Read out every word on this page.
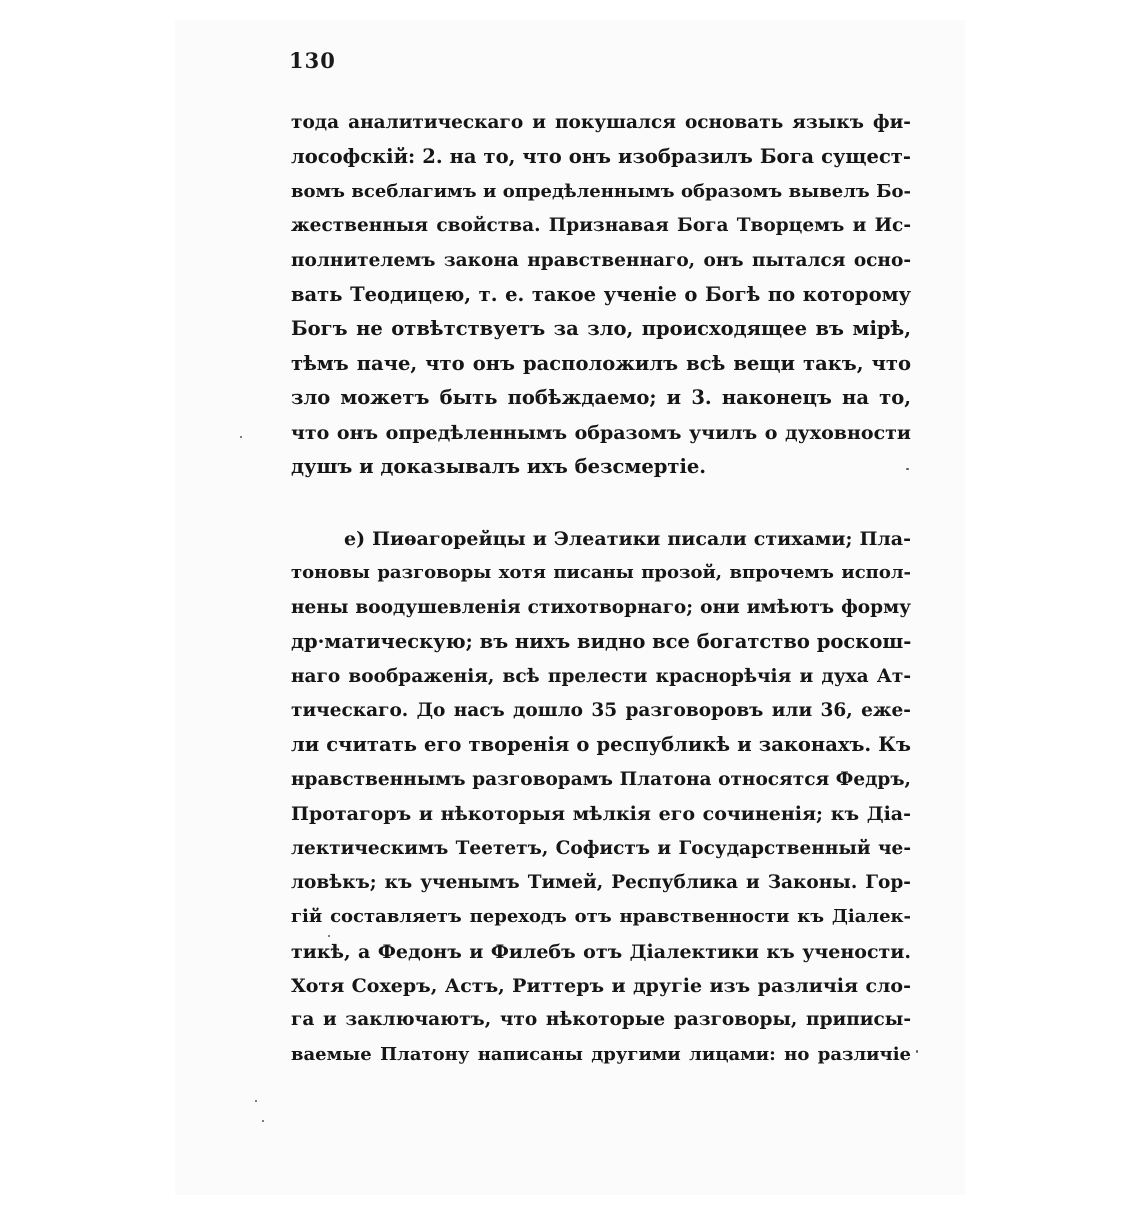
130
тода аналитическаго и покушался основать языкъ фи-
лософскій: 2. на то, что онъ изобразилъ Бога сущест-
вомъ всеблагимъ и опредѣленнымъ образомъ вывелъ Бо-
жественныя свойства. Признавая Бога Творцемъ и Ис-
полнителемъ закона нравственнаго, онъ пытался осно-
вать Теодицею, т. е. такое ученіе о Богѣ по которому
Богъ не отвѣтствуетъ за зло, происходящее въ мірѣ,
тѣмъ паче, что онъ расположилъ всѣ вещи такъ, что
зло можетъ быть побѣждаемо; и 3. наконецъ на то,
что онъ опредѣленнымъ образомъ училъ о духовности
душъ и доказывалъ ихъ безсмертіе.
е) Пиѳагорейцы и Элеатики писали стихами; Пла-
тоновы разговоры хотя писаны прозой, впрочемъ испол-
нены воодушевленія стихотворнаго; они имѣютъ форму
др·матическую; въ нихъ видно все богатство роскош-
наго воображенія, всѣ прелести краснорѣчія и духа Ат-
тическаго. До насъ дошло 35 разговоровъ или 36, еже-
ли считать его творенія о республикѣ и законахъ. Къ
нравственнымъ разговорамъ Платона относятся Федръ,
Протагоръ и нѣкоторыя мѣлкія его сочиненія; къ Діа-
лектическимъ Теететъ, Софистъ и Государственный че-
ловѣкъ; къ ученымъ Тимей, Республика и Законы. Гор-
гій составляетъ переходъ отъ нравственности къ Діалек-
тикѣ, а Федонъ и Филебъ отъ Діалектики къ учености.
Хотя Сохеръ, Астъ, Риттеръ и другіе изъ различія сло-
га и заключаютъ, что нѣкоторые разговоры, приписы-
ваемые Платону написаны другими лицами: но различіе
